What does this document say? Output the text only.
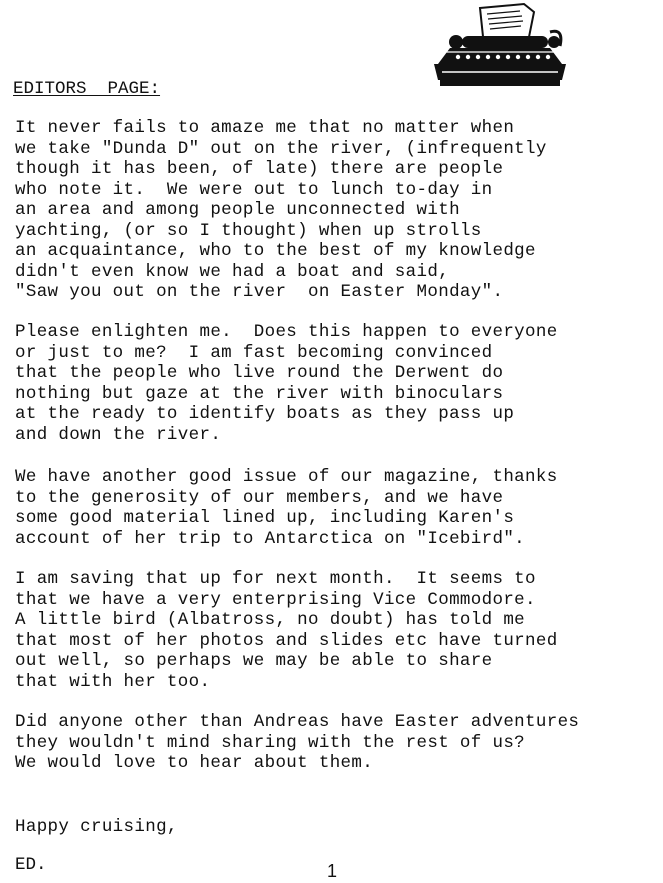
EDITORS  PAGE:

It never fails to amaze me that no matter when
we take "Dunda D" out on the river, (infrequently
though it has been, of late) there are people
who note it.  We were out to lunch to-day in
an area and among people unconnected with
yachting, (or so I thought) when up strolls
an acquaintance, who to the best of my knowledge
didn't even know we had a boat and said,
"Saw you out on the river  on Easter Monday".

Please enlighten me.  Does this happen to everyone
or just to me?  I am fast becoming convinced
that the people who live round the Derwent do
nothing but gaze at the river with binoculars
at the ready to identify boats as they pass up
and down the river.

We have another good issue of our magazine, thanks
to the generosity of our members, and we have
some good material lined up, including Karen's
account of her trip to Antarctica on "Icebird".

I am saving that up for next month.  It seems to
that we have a very enterprising Vice Commodore.
A little bird (Albatross, no doubt) has told me
that most of her photos and slides etc have turned
out well, so perhaps we may be able to share
that with her too.

Did anyone other than Andreas have Easter adventures
they wouldn't mind sharing with the rest of us?
We would love to hear about them.

Happy cruising,
ED.	1
